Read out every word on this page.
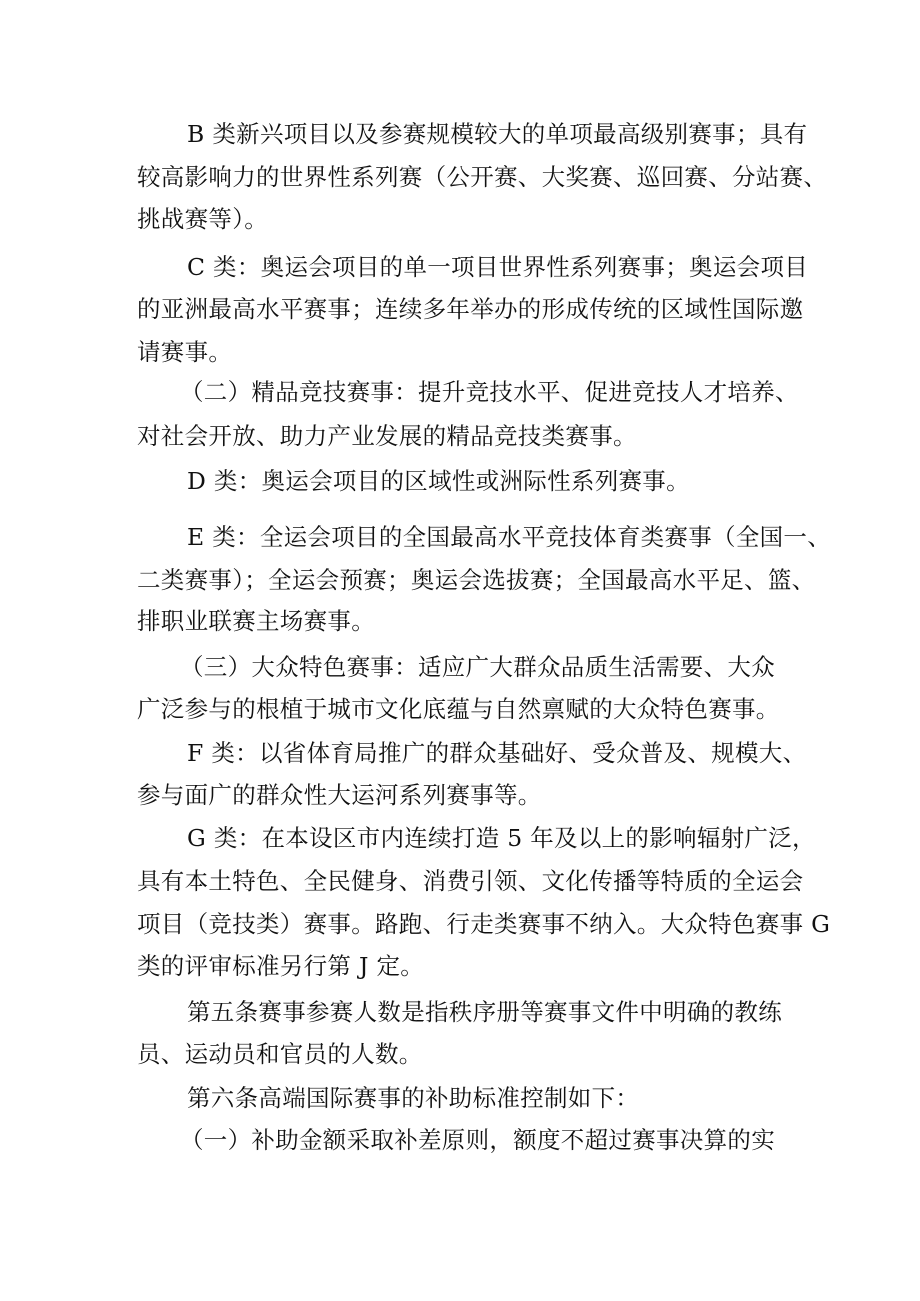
B 类新兴项目以及参赛规模较大的单项最高级别赛事；具有
较高影响力的世界性系列赛（公开赛、大奖赛、巡回赛、分站赛、
挑战赛等）。
C 类：奥运会项目的单一项目世界性系列赛事；奥运会项目
的亚洲最高水平赛事；连续多年举办的形成传统的区域性国际邀
请赛事。
（二）精品竞技赛事：提升竞技水平、促进竞技人才培养、
对社会开放、助力产业发展的精品竞技类赛事。
D 类：奥运会项目的区域性或洲际性系列赛事。
E 类：全运会项目的全国最高水平竞技体育类赛事（全国一、
二类赛事）；全运会预赛；奥运会选拔赛；全国最高水平足、篮、
排职业联赛主场赛事。
（三）大众特色赛事：适应广大群众品质生活需要、大众
广泛参与的根植于城市文化底蕴与自然禀赋的大众特色赛事。
F 类：以省体育局推广的群众基础好、受众普及、规模大、
参与面广的群众性大运河系列赛事等。
G 类：在本设区市内连续打造 5 年及以上的影响辐射广泛，
具有本土特色、全民健身、消费引领、文化传播等特质的全运会
项目（竞技类）赛事。路跑、行走类赛事不纳入。大众特色赛事 G
类的评审标准另行第 J 定。
第五条赛事参赛人数是指秩序册等赛事文件中明确的教练
员、运动员和官员的人数。
第六条高端国际赛事的补助标准控制如下：
（一）补助金额采取补差原则，额度不超过赛事决算的实
